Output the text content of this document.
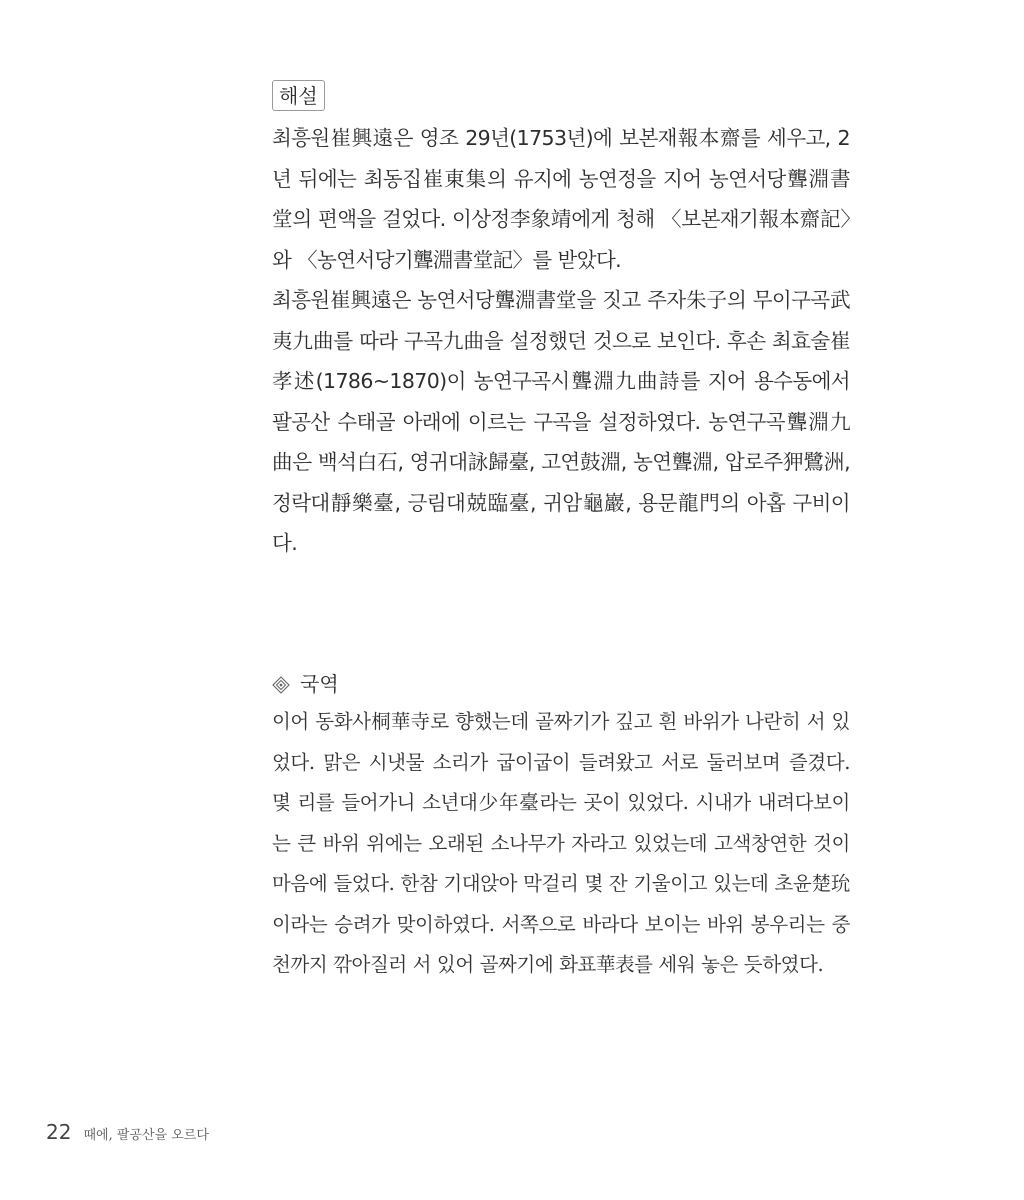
해설

최흥원崔興遠은 영조 29년(1753년)에 보본재報本齋를 세우고, 2년 뒤에는 최동집崔東集의 유지에 농연정을 지어 농연서당聾淵書堂의 편액을 걸었다. 이상정李象靖에게 청해 〈보본재기報本齋記〉와 〈농연서당기聾淵書堂記〉를 받았다.

최흥원崔興遠은 농연서당聾淵書堂을 짓고 주자朱子의 무이구곡武夷九曲를 따라 구곡九曲을 설정했던 것으로 보인다. 후손 최효술崔孝述(1786~1870)이 농연구곡시聾淵九曲詩를 지어 용수동에서 팔공산 수태골 아래에 이르는 구곡을 설정하였다. 농연구곡聾淵九曲은 백석白石, 영귀대詠歸臺, 고연鼓淵, 농연聾淵, 압로주狎鷺洲, 정락대靜樂臺, 긍림대兢臨臺, 귀암龜巖, 용문龍門의 아홉 구비이다.

국역

이어 동화사桐華寺로 향했는데 골짜기가 깊고 흰 바위가 나란히 서 있었다. 맑은 시냇물 소리가 굽이굽이 들려왔고 서로 둘러보며 즐겼다. 몇 리를 들어가니 소년대少年臺라는 곳이 있었다. 시내가 내려다보이는 큰 바위 위에는 오래된 소나무가 자라고 있었는데 고색창연한 것이 마음에 들었다. 한참 기대앉아 막걸리 몇 잔 기울이고 있는데 초윤楚玧이라는 승려가 맞이하였다. 서쪽으로 바라다 보이는 바위 봉우리는 중천까지 깎아질러 서 있어 골짜기에 화표華表를 세워 놓은 듯하였다.

22 때에, 팔공산을 오르다
